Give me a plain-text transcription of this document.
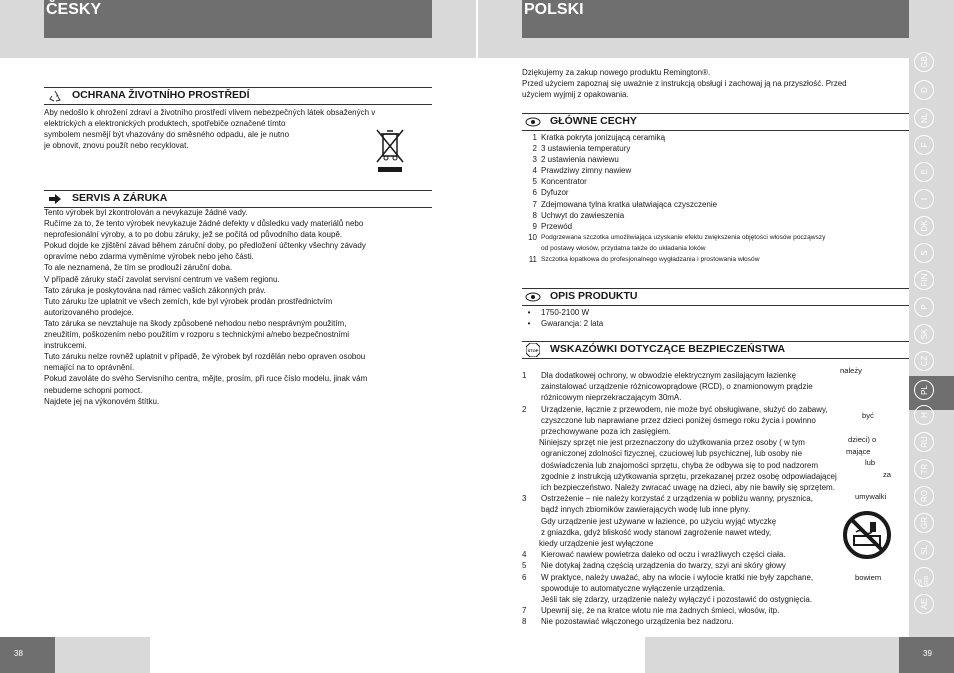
ČESKY	POLSKI
OCHRANA ŽIVOTNÍHO PROSTŘEDÍ

Aby nedošlo k ohrožení zdraví a životního prostředí vlivem nebezpečných látek obsažených v

elektrických a elektronických produktech, spotřebiče označené tímto

symbolem nesmějí být vhazovány do směsného odpadu, ale je nutno

je obnovit, znovu použít nebo recyklovat.

SERVIS A ZÁRUKA

Tento výrobek byl zkontrolován a nevykazuje žádné vady.

Ručíme za to, že tento výrobek nevykazuje žádné defekty v důsledku vady materiálů nebo

neprofesionální výroby, a to po dobu záruky, jež se počítá od původního data koupě.

Pokud dojde ke zjištění závad během záruční doby, po předložení účtenky všechny závady

opravíme nebo zdarma vyměníme výrobek nebo jeho části.

To ale neznamená, že tím se prodlouží záruční doba.

V případě záruky stačí zavolat servisní centrum ve vašem regionu.

Tato záruka je poskytována nad rámec vašich zákonných práv.

Tuto záruku lze uplatnit ve všech zemích, kde byl výrobek prodán prostřednictvím

autorizovaného prodejce.

Tato záruka se nevztahuje na škody způsobené nehodou nebo nesprávným použitím,

zneužitím, poškozením nebo použitím v rozporu s technickými a/nebo bezpečnostními

instrukcemi.

Tuto záruku nelze rovněž uplatnit v případě, že výrobek byl rozdělán nebo opraven osobou

nemající na to oprávnění.

Pokud zavoláte do svého Servisního centra, mějte, prosím, při ruce číslo modelu, jinak vám

nebudeme schopni pomoct.

Najdete jej na výkonovém štítku.

Dziękujemy za zakup nowego produktu Remington®.

Przed użyciem zapoznaj się uważnie z instrukcją obsługi i zachowaj ją na przyszłość. Przed

użyciem wyjmij z opakowania.

GŁÓWNE CECHY
1 Kratka pokryta jonizującą ceramiką
2 3 ustawienia temperatury
3 2 ustawienia nawiewu
4 Prawdziwy zimny nawiew
5 Koncentrator
6 Dyfuzor
7 Zdejmowana tylna kratka ułatwiająca czyszczenie
8 Uchwyt do zawieszenia
9 Przewód
10 Podgrzewana szczotka umożliwiająca uzyskanie efektu zwiększenia objętości włosów począwszy
od postawy włosów, przydatna także do układania loków
11 Szczotka łopatkowa do profesjonalnego wygładzania i prostowania włosów
OPIS PRODUKTU
•	1750-2100 W
•	Gwarancja: 2 lata
STOP WSKAZÓWKI DOTYCZĄCE BEZPIECZEŃSTWA
1	Dla dodatkowej ochrony, w obwodzie elektrycznym zasilającym łazienkę
zainstalować urządzenie różnicowoprądowe (RCD), o znamionowym prądzie
różnicowym nieprzekraczającym 30mA.
2	Urządzenie, łącznie z przewodem, nie może być obsługiwane, służyć do zabawy,
czyszczone lub naprawiane przez dzieci poniżej ósmego roku życia i powinno
przechowywane poza ich zasięgiem.
Niniejszy sprzęt nie jest przeznaczony do użytkowania przez osoby ( w tym
ograniczonej zdolności fizycznej, czuciowej lub psychicznej, lub osoby nie
doświadczenia lub znajomości sprzętu, chyba że odbywa się to pod nadzorem
zgodnie z instrukcją użytkowania sprzętu, przekazanej przez osobę odpowiadającej
ich bezpieczeństwo. Należy zwracać uwagę na dzieci, aby nie bawiły się sprzętem.
3	Ostrzeżenie – nie należy korzystać z urządzenia w pobliżu wanny, prysznica,
bądź innych zbiorników zawierających wodę lub inne płyny.
Gdy urządzenie jest używane w łazience, po użyciu wyjąć wtyczkę
z gniazdka, gdyż bliskość wody stanowi zagrożenie nawet wtedy,
kiedy urządzenie jest wyłączone
4	Kierować nawiew powietrza daleko od oczu i wrażliwych części ciała.
5	Nie dotykaj żadną częścią urządzenia do twarzy, szyi ani skóry głowy
6	W praktyce, należy uważać, aby na wlocie i wylocie kratki nie były zapchane,
spowoduje to automatyczne wyłączenie urządzenia.
Jeśli tak się zdarzy, urządzenie należy wyłączyć i pozostawić do ostygnięcia.
7	Upewnij się, że na kratce wlotu nie ma żadnych śmieci, włosów, itp.
8	Nie pozostawiać włączonego urządzenia bez nadzoru.
należy
być
dzieci) o
mające
lub
za
umywalki
bowiem
GB
D
NL
F
E
I
DK
S
FIN
P
SK
CZ
PL
H
RU
TR
RO
GR
SL
HR SRB
AE
38	39
